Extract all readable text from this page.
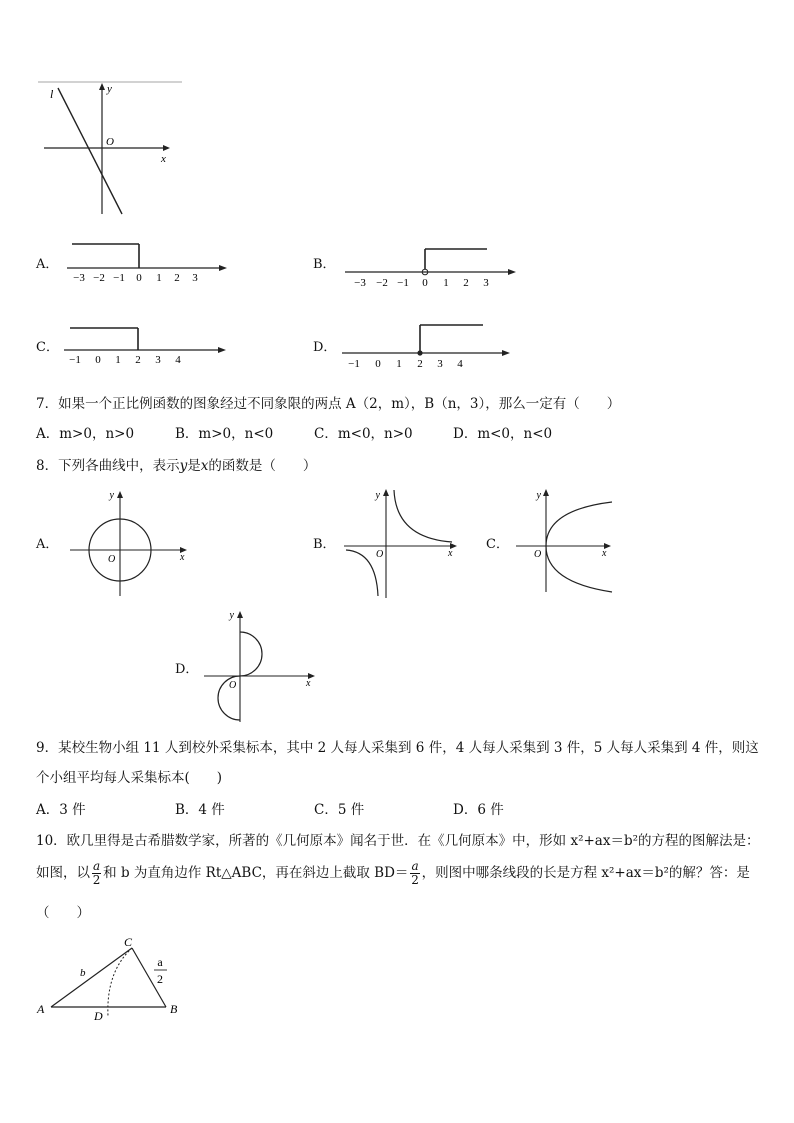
l	y
x
O
A．
−3 −2 −1 0 1 2 3
B．
−3 −2 −1 0 1 2 3
C．
−1 0 1 2 3 4
D．
−1 0 1 2 3 4
7．如果一个正比例函数的图象经过不同象限的两点 A（2，m），B（n，3），那么一定有（　　）
A．m>0，n>0	B．m>0，n<0	C．m<0，n>0	D．m<0，n<0
8．下列各曲线中，表示y是x的函数是（　　）
A．
y
x
O
B．
y
x
O
C．
y
x
O
D．
y
x
O
9．某校生物小组 11 人到校外采集标本，其中 2 人每人采集到 6 件，4 人每人采集到 3 件，5 人每人采集到 4 件，则这
个小组平均每人采集标本(　　)
A．3 件	B．4 件	C．5 件	D．6 件
10．欧几里得是古希腊数学家，所著的《几何原本》闻名于世．在《几何原本》中，形如 x²+ax＝b²的方程的图解法是：
如图，以 $\frac{a}{2}$ 和 b 为直角边作 Rt△ABC，再在斜边上截取 $BD= \frac{a}{2}$ ，则图中哪条线段的长是方程 x²+ax＝b²的解？答：是
（　　）
A	B
C
D
b
a
2
